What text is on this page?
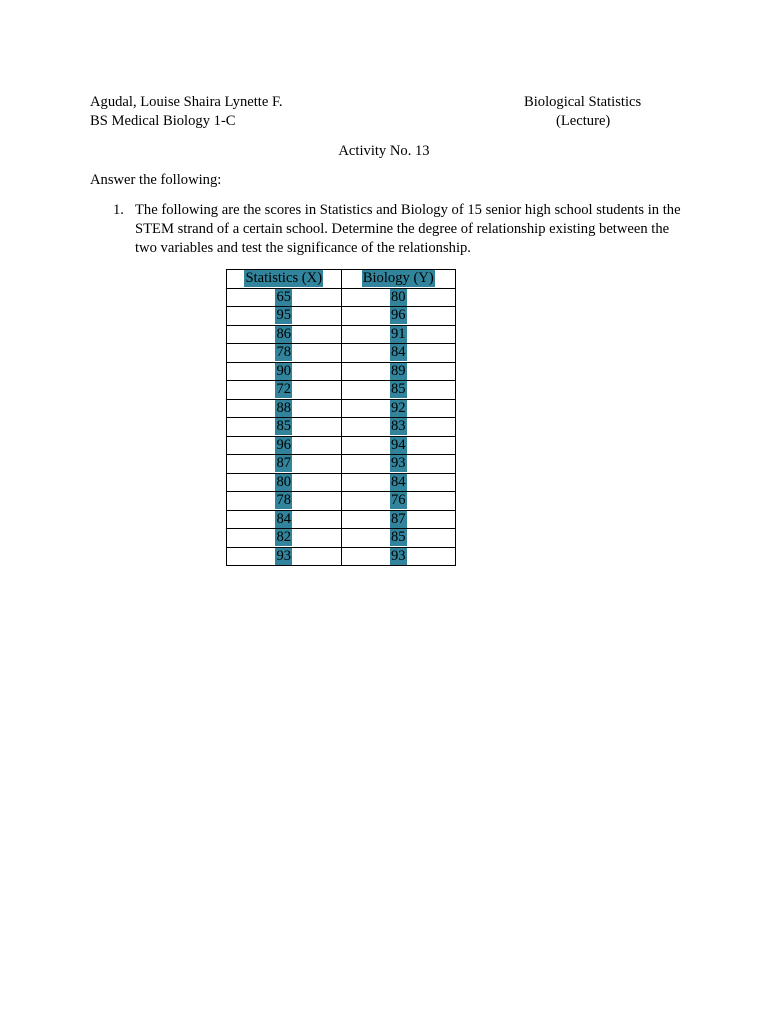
Agudal, Louise Shaira Lynette F.
BS Medical Biology 1-C
Biological Statistics
(Lecture)
Activity No. 13
Answer the following:
1. The following are the scores in Statistics and Biology of 15 senior high school students in the STEM strand of a certain school. Determine the degree of relationship existing between the two variables and test the significance of the relationship.
Statistics (X)	Biology (Y)
65	80
95	96
86	91
78	84
90	89
72	85
88	92
85	83
96	94
87	93
80	84
78	76
84	87
82	85
93	93
